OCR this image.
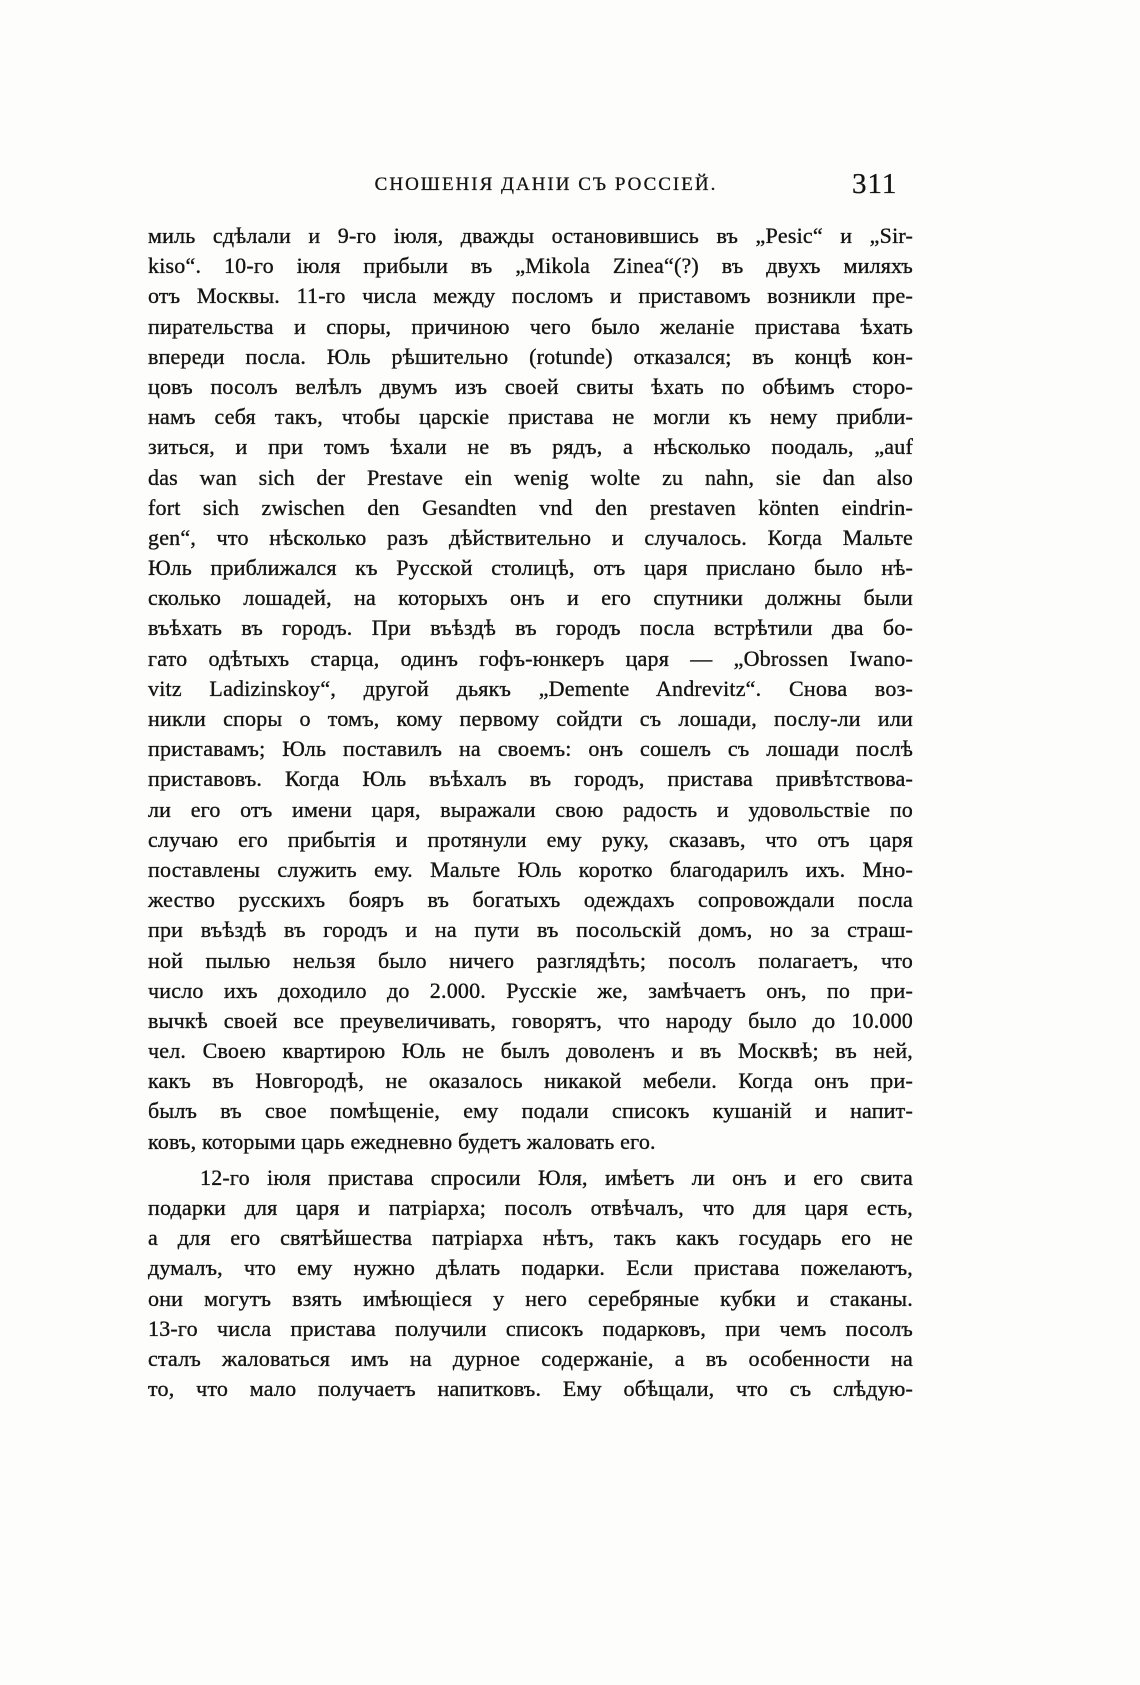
СНОШЕНІЯ ДАНІИ СЪ РОССІЕЙ.	311
миль сдѣлали и 9-го іюля, дважды остановившись въ „Pesic“ и „Sir-
kiso“. 10-го іюля прибыли въ „Mikola Zinea“(?) въ двухъ миляхъ
отъ Москвы. 11-го числа между посломъ и приставомъ возникли пре-
пирательства и споры, причиною чего было желаніе пристава ѣхать
впереди посла. Юль рѣшительно (rotunde) отказался; въ концѣ кон-
цовъ посолъ велѣлъ двумъ изъ своей свиты ѣхать по обѣимъ сторо-
намъ себя такъ, чтобы царскіе пристава не могли къ нему прибли-
зиться, и при томъ ѣхали не въ рядъ, а нѣсколько поодаль, „auf
das wan sich der Prestave ein wenig wolte zu nahn, sie dan also
fort sich zwischen den Gesandten vnd den prestaven könten eindrin-
gen“, что нѣсколько разъ дѣйствительно и случалось. Когда Мальте
Юль приближался къ Русской столицѣ, отъ царя прислано было нѣ-
сколько лошадей, на которыхъ онъ и его спутники должны были
въѣхать въ городъ. При въѣздѣ въ городъ посла встрѣтили два бо-
гато одѣтыхъ старца, одинъ гофъ-юнкеръ царя — „Obrossen Iwano-
vitz Ladizinskoy“, другой дьякъ „Demente Andrevitz“. Снова воз-
никли споры о томъ, кому первому сойдти съ лошади, послу-ли или
приставамъ; Юль поставилъ на своемъ: онъ сошелъ съ лошади послѣ
приставовъ. Когда Юль въѣхалъ въ городъ, пристава привѣтствова-
ли его отъ имени царя, выражали свою радость и удовольствіе по
случаю его прибытія и протянули ему руку, сказавъ, что отъ царя
поставлены служить ему. Мальте Юль коротко благодарилъ ихъ. Мно-
жество русскихъ бояръ въ богатыхъ одеждахъ сопровождали посла
при въѣздѣ въ городъ и на пути въ посольскій домъ, но за страш-
ной пылью нельзя было ничего разглядѣть; посолъ полагаетъ, что
число ихъ доходило до 2.000. Русскіе же, замѣчаетъ онъ, по при-
вычкѣ своей все преувеличивать, говорятъ, что народу было до 10.000
чел. Своею квартирою Юль не былъ доволенъ и въ Москвѣ; въ ней,
какъ въ Новгородѣ, не оказалось никакой мебели. Когда онъ при-
былъ въ свое помѣщеніе, ему подали списокъ кушаній и напит-
ковъ, которыми царь ежедневно будетъ жаловать его.
12-го іюля пристава спросили Юля, имѣетъ ли онъ и его свита
подарки для царя и патріарха; посолъ отвѣчалъ, что для царя есть,
а для его святѣйшества патріарха нѣтъ, такъ какъ государь его не
думалъ, что ему нужно дѣлать подарки. Если пристава пожелаютъ,
они могутъ взять имѣющіеся у него серебряные кубки и стаканы.
13-го числа пристава получили списокъ подарковъ, при чемъ посолъ
сталъ жаловаться имъ на дурное содержаніе, а въ особенности на
то, что мало получаетъ напитковъ. Ему обѣщали, что съ слѣдую-
